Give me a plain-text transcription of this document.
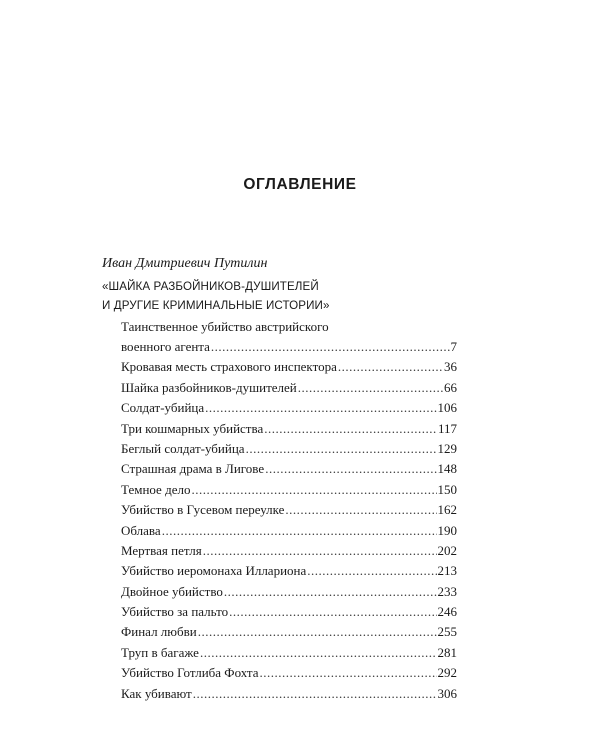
ОГЛАВЛЕНИЕ
Иван Дмитриевич Путилин
«ШАЙКА РАЗБОЙНИКОВ-ДУШИТЕЛЕЙ
И ДРУГИЕ КРИМИНАЛЬНЫЕ ИСТОРИИ»
Таинственное убийство австрийского
военного агента .....	7
Кровавая месть страхового инспектора .....	36
Шайка разбойников-душителей .....	66
Солдат-убийца .....	106
Три кошмарных убийства .....	117
Беглый солдат-убийца .....	129
Страшная драма в Лиговe .....	148
Темное дело .....	150
Убийство в Гусевом переулке .....	162
Облава .....	190
Мертвая петля .....	202
Убийство иеромонаха Иллариона .....	213
Двойное убийство .....	233
Убийство за пальто .....	246
Финал любви .....	255
Труп в багаже .....	281
Убийство Готлиба Фохта .....	292
Как убивают .....	306
